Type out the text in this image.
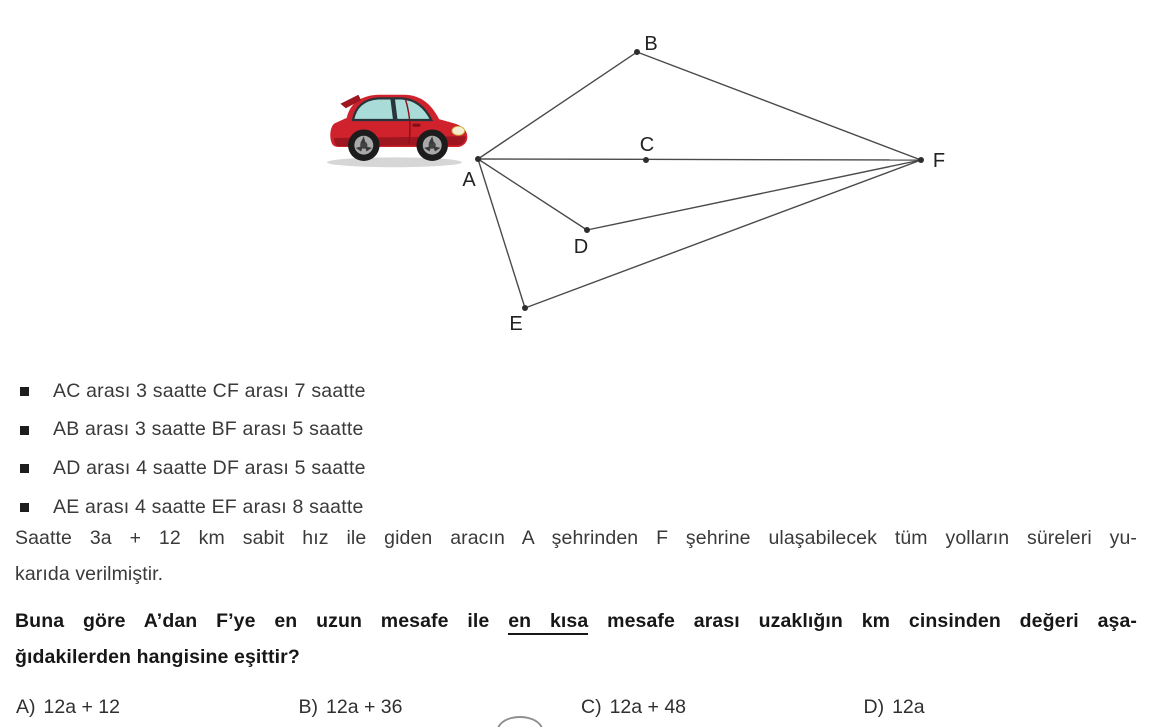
A
B
C
D
E
F
AC arası 3 saatte CF arası 7 saatte
AB arası 3 saatte BF arası 5 saatte
AD arası 4 saatte DF arası 5 saatte
AE arası 4 saatte EF arası 8 saatte
Saatte 3a + 12 km sabit hız ile giden aracın A şehrinden F şehrine ulaşabilecek tüm yolların süreleri yu-
karıda verilmiştir.
Buna göre A’dan F’ye en uzun mesafe ile en kısa mesafe arası uzaklığın km cinsinden değeri aşa-
ğıdakilerden hangisine eşittir?
A) 12a + 12	B) 12a + 36	C) 12a + 48	D) 12a
